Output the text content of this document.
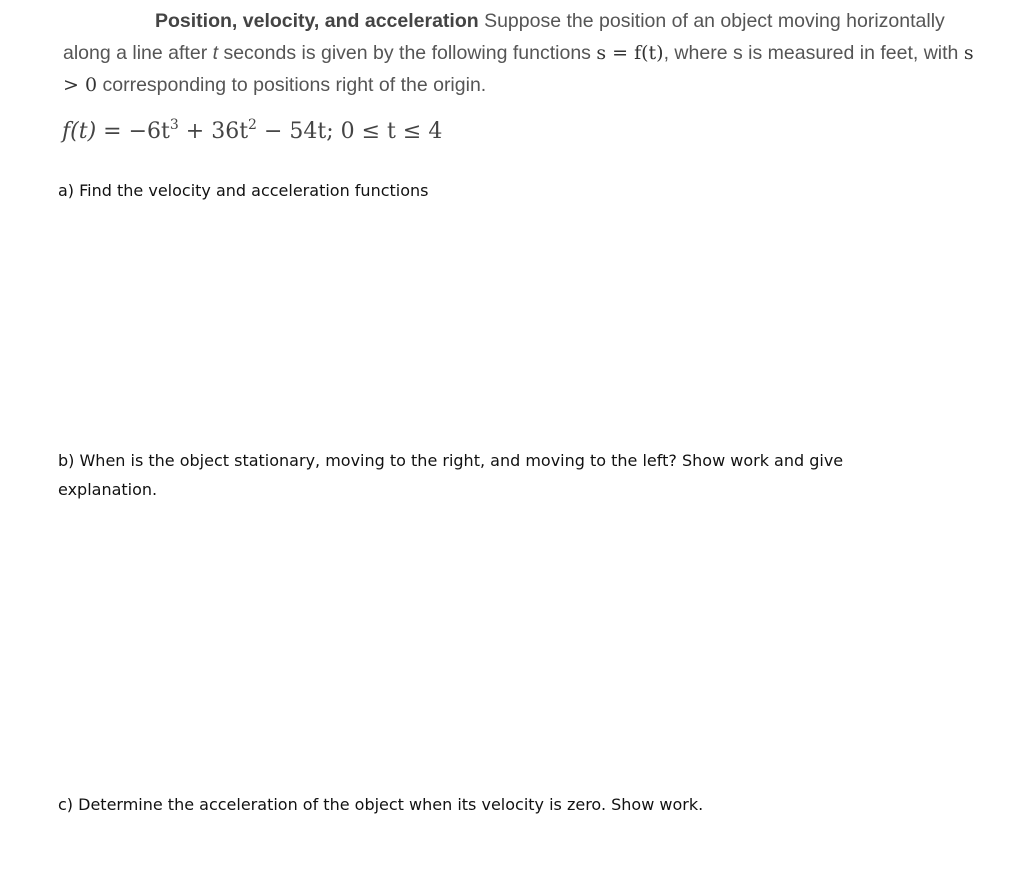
Position, velocity, and acceleration Suppose the position of an object moving horizontally along a line after t seconds is given by the following functions s = f(t), where s is measured in feet, with s > 0 corresponding to positions right of the origin.
$f(t) = -6t^3 + 36t^2 - 54t$; 0 ≤ t ≤ 4
a) Find the velocity and acceleration functions
b) When is the object stationary, moving to the right, and moving to the left? Show work and give explanation.
c) Determine the acceleration of the object when its velocity is zero. Show work.
